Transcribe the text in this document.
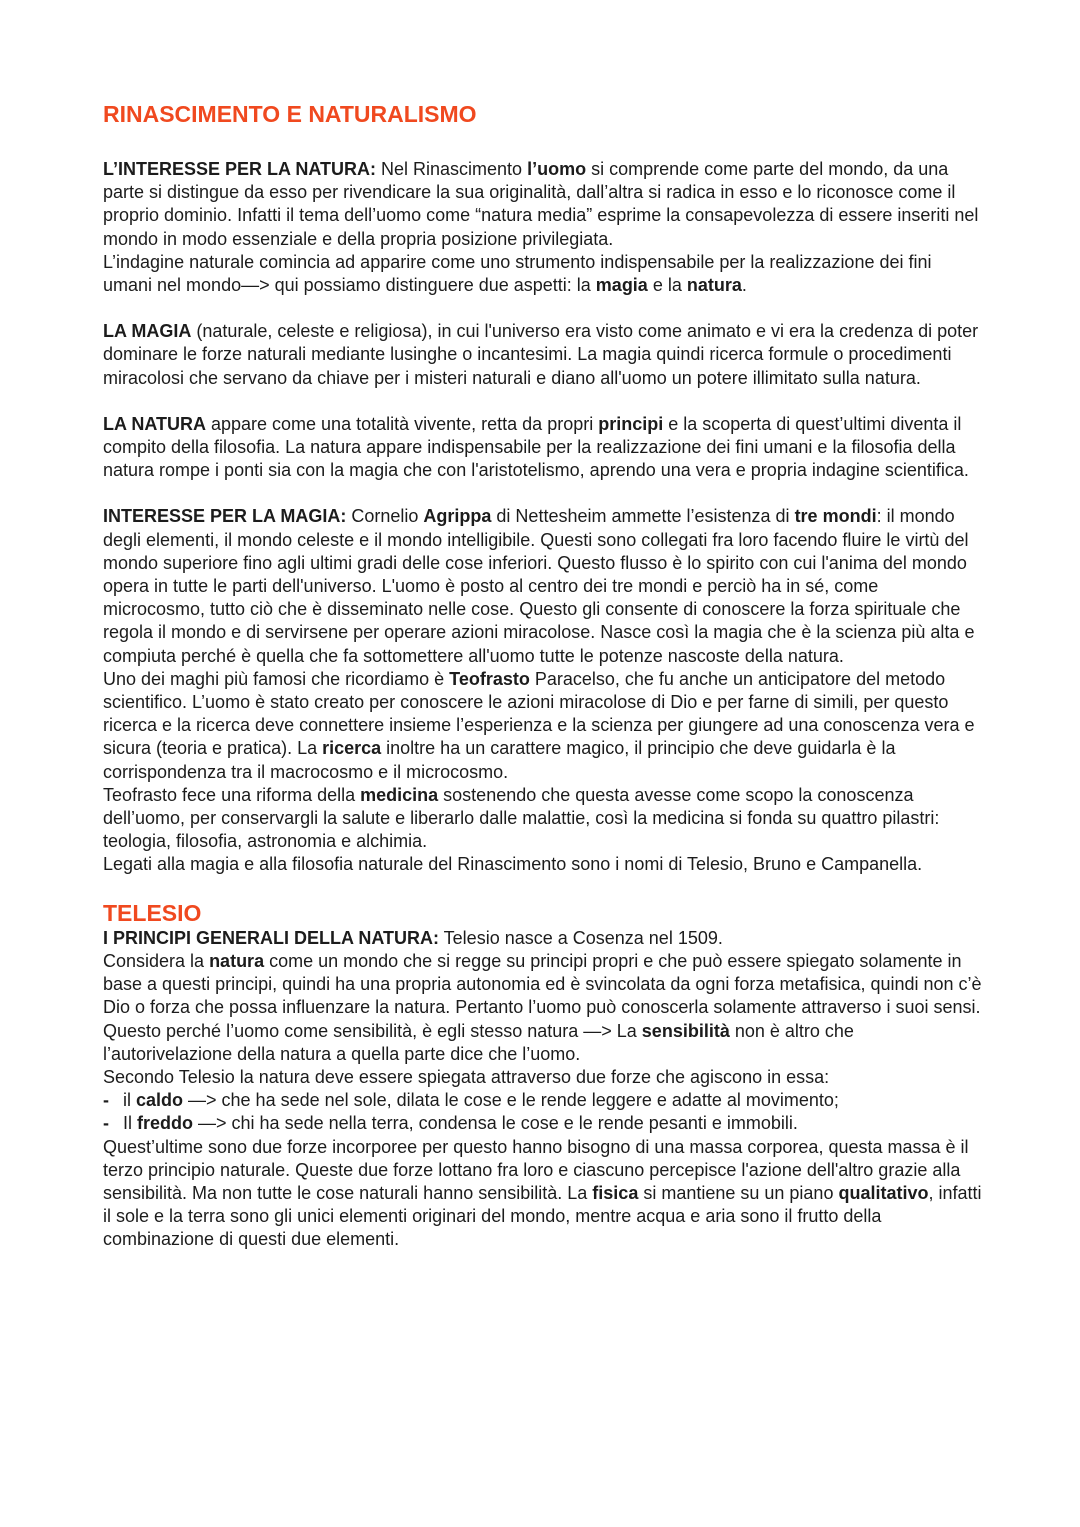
RINASCIMENTO E NATURALISMO

L’INTERESSE PER LA NATURA: Nel Rinascimento l’uomo si comprende come parte del mondo, da una parte si distingue da esso per rivendicare la sua originalità, dall’altra si radica in esso e lo riconosce come il proprio dominio. Infatti il tema dell’uomo come “natura media” esprime la consapevolezza di essere inseriti nel mondo in modo essenziale e della propria posizione privilegiata.

L’indagine naturale comincia ad apparire come uno strumento indispensabile per la realizzazione dei fini umani nel mondo—> qui possiamo distinguere due aspetti: la magia e la natura.

LA MAGIA (naturale, celeste e religiosa), in cui l'universo era visto come animato e vi era la credenza di poter dominare le forze naturali mediante lusinghe o incantesimi. La magia quindi ricerca formule o procedimenti miracolosi che servano da chiave per i misteri naturali e diano all'uomo un potere illimitato sulla natura.

LA NATURA appare come una totalità vivente, retta da propri principi e la scoperta di quest’ultimi diventa il compito della filosofia. La natura appare indispensabile per la realizzazione dei fini umani e la filosofia della natura rompe i ponti sia con la magia che con l'aristotelismo, aprendo una vera e propria indagine scientifica.

INTERESSE PER LA MAGIA: Cornelio Agrippa di Nettesheim ammette l’esistenza di tre mondi: il mondo degli elementi, il mondo celeste e il mondo intelligibile. Questi sono collegati fra loro facendo fluire le virtù del mondo superiore fino agli ultimi gradi delle cose inferiori. Questo flusso è lo spirito con cui l'anima del mondo opera in tutte le parti dell'universo. L'uomo è posto al centro dei tre mondi e perciò ha in sé, come microcosmo, tutto ciò che è disseminato nelle cose. Questo gli consente di conoscere la forza spirituale che regola il mondo e di servirsene per operare azioni miracolose. Nasce così la magia che è la scienza più alta e compiuta perché è quella che fa sottomettere all'uomo tutte le potenze nascoste della natura.

Uno dei maghi più famosi che ricordiamo è Teofrasto Paracelso, che fu anche un anticipatore del metodo scientifico. L’uomo è stato creato per conoscere le azioni miracolose di Dio e per farne di simili, per questo ricerca e la ricerca deve connettere insieme l’esperienza e la scienza per giungere ad una conoscenza vera e sicura (teoria e pratica). La ricerca inoltre ha un carattere magico, il principio che deve guidarla è la corrispondenza tra il macrocosmo e il microcosmo.

Teofrasto fece una riforma della medicina sostenendo che questa avesse come scopo la conoscenza dell’uomo, per conservargli la salute e liberarlo dalle malattie, così la medicina si fonda su quattro pilastri: teologia, filosofia, astronomia e alchimia.

Legati alla magia e alla filosofia naturale del Rinascimento sono i nomi di Telesio, Bruno e Campanella.

TELESIO

I PRINCIPI GENERALI DELLA NATURA: Telesio nasce a Cosenza nel 1509.

Considera la natura come un mondo che si regge su principi propri e che può essere spiegato solamente in base a questi principi, quindi ha una propria autonomia ed è svincolata da ogni forza metafisica, quindi non c’è Dio o forza che possa influenzare la natura. Pertanto l’uomo può conoscerla solamente attraverso i suoi sensi. Questo perché l’uomo come sensibilità, è egli stesso natura —> La sensibilità non è altro che l’autorivelazione della natura a quella parte dice che l’uomo.

Secondo Telesio la natura deve essere spiegata attraverso due forze che agiscono in essa:

- il caldo —> che ha sede nel sole, dilata le cose e le rende leggere e adatte al movimento;

- Il freddo —> chi ha sede nella terra, condensa le cose e le rende pesanti e immobili.

Quest’ultime sono due forze incorporee per questo hanno bisogno di una massa corporea, questa massa è il terzo principio naturale. Queste due forze lottano fra loro e ciascuno percepisce l'azione dell'altro grazie alla sensibilità. Ma non tutte le cose naturali hanno sensibilità. La fisica si mantiene su un piano qualitativo, infatti il sole e la terra sono gli unici elementi originari del mondo, mentre acqua e aria sono il frutto della combinazione di questi due elementi.
